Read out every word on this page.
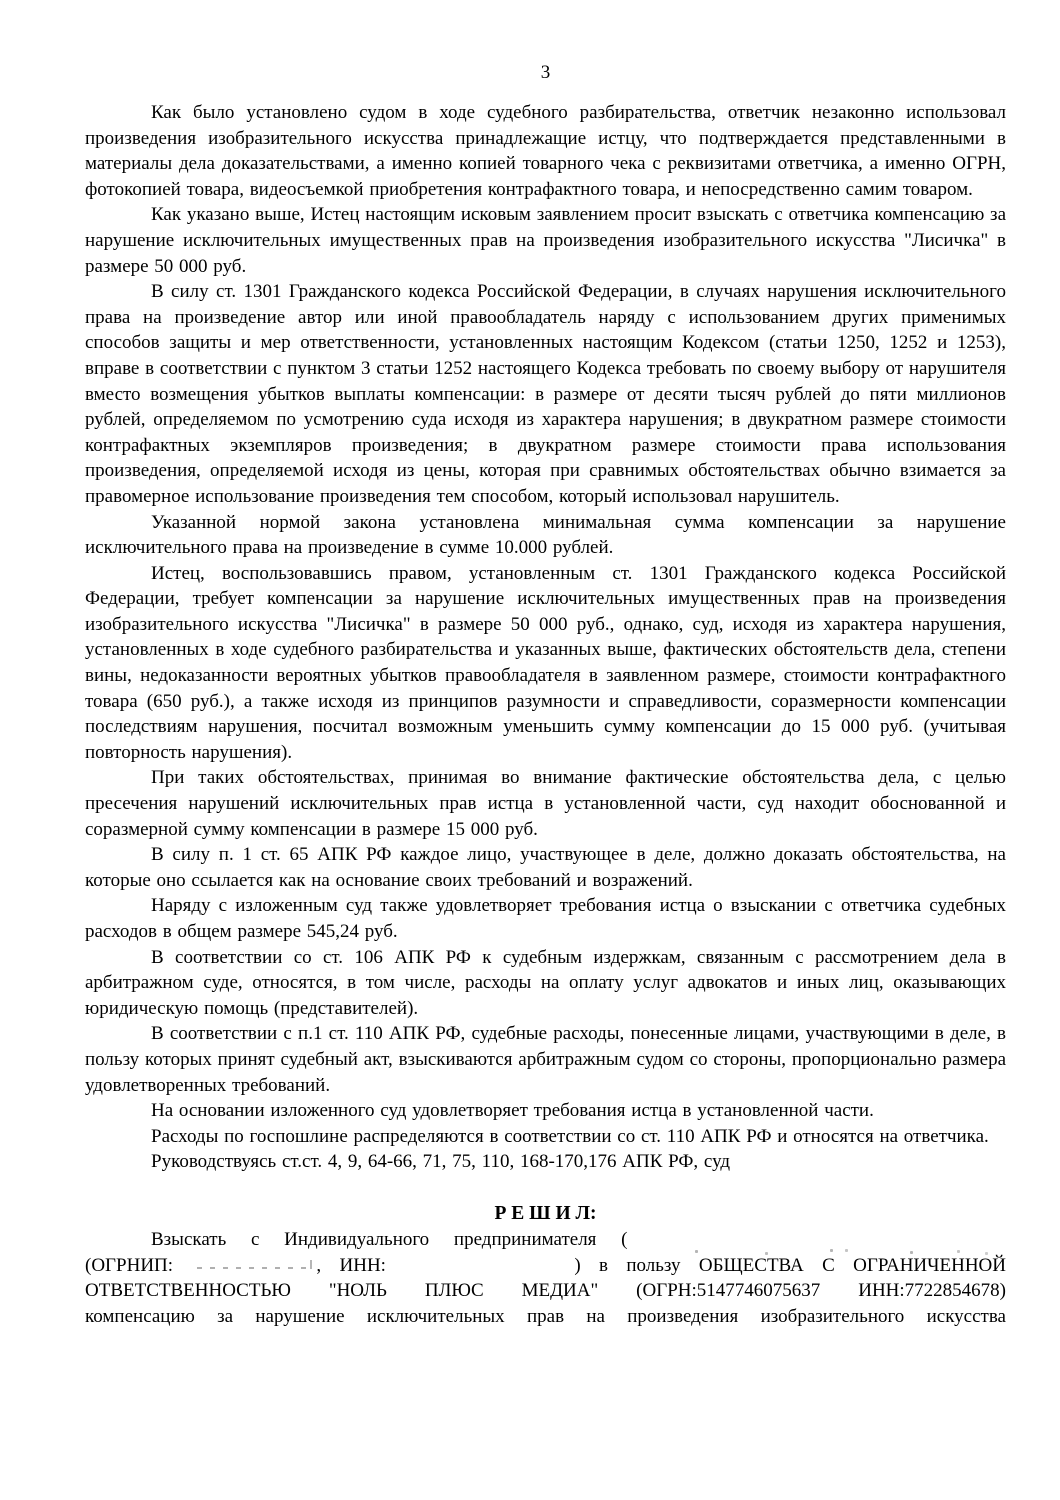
3

Как было установлено судом в ходе судебного разбирательства, ответчик незаконно использовал произведения изобразительного искусства принадлежащие истцу, что подтверждается представленными в материалы дела доказательствами, а именно копией товарного чека с реквизитами ответчика, а именно ОГРН, фотокопией товара, видеосъемкой приобретения контрафактного товара, и непосредственно самим товаром.

Как указано выше, Истец настоящим исковым заявлением просит взыскать с ответчика компенсацию за нарушение исключительных имущественных прав на произведения изобразительного искусства "Лисичка" в размере 50 000 руб.

В силу ст. 1301 Гражданского кодекса Российской Федерации, в случаях нарушения исключительного права на произведение автор или иной правообладатель наряду с использованием других применимых способов защиты и мер ответственности, установленных настоящим Кодексом (статьи 1250, 1252 и 1253), вправе в соответствии с пунктом 3 статьи 1252 настоящего Кодекса требовать по своему выбору от нарушителя вместо возмещения убытков выплаты компенсации: в размере от десяти тысяч рублей до пяти миллионов рублей, определяемом по усмотрению суда исходя из характера нарушения; в двукратном размере стоимости контрафактных экземпляров произведения; в двукратном размере стоимости права использования произведения, определяемой исходя из цены, которая при сравнимых обстоятельствах обычно взимается за правомерное использование произведения тем способом, который использовал нарушитель.

Указанной нормой закона установлена минимальная сумма компенсации за нарушение исключительного права на произведение в сумме 10.000 рублей.

Истец, воспользовавшись правом, установленным ст. 1301 Гражданского кодекса Российской Федерации, требует компенсации за нарушение исключительных имущественных прав на произведения изобразительного искусства "Лисичка" в размере 50 000 руб., однако, суд, исходя из характера нарушения, установленных в ходе судебного разбирательства и указанных выше, фактических обстоятельств дела, степени вины, недоказанности вероятных убытков правообладателя в заявленном размере, стоимости контрафактного товара (650 руб.), а также исходя из принципов разумности и справедливости, соразмерности компенсации последствиям нарушения, посчитал возможным уменьшить сумму компенсации до 15 000 руб. (учитывая повторность нарушения).

При таких обстоятельствах, принимая во внимание фактические обстоятельства дела, с целью пресечения нарушений исключительных прав истца в установленной части, суд находит обоснованной и соразмерной сумму компенсации в размере 15 000 руб.

В силу п. 1 ст. 65 АПК РФ каждое лицо, участвующее в деле, должно доказать обстоятельства, на которые оно ссылается как на основание своих требований и возражений.

Наряду с изложенным суд также удовлетворяет требования истца о взыскании с ответчика судебных расходов в общем размере 545,24 руб.

В соответствии со ст. 106 АПК РФ к судебным издержкам, связанным с рассмотрением дела в арбитражном суде, относятся, в том числе, расходы на оплату услуг адвокатов и иных лиц, оказывающих юридическую помощь (представителей).

В соответствии с п.1 ст. 110 АПК РФ, судебные расходы, понесенные лицами, участвующими в деле, в пользу которых принят судебный акт, взыскиваются арбитражным судом со стороны, пропорционально размера удовлетворенных требований.

На основании изложенного суд удовлетворяет требования истца в установленной части.

Расходы по госпошлине распределяются в соответствии со ст. 110 АПК РФ и относятся на ответчика.

Руководствуясь ст.ст. 4, 9, 64-66, 71, 75, 110, 168-170,176 АПК РФ, суд

Р Е Ш И Л:
Взыскать с Индивидуального предпринимателя (
(ОГРНИП:	, ИНН:	) в пользу ОБЩЕСТВА С ОГРАНИЧЕННОЙ
ОТВЕТСТВЕННОСТЬЮ "НОЛЬ ПЛЮС МЕДИА" (ОГРН:5147746075637 ИНН:7722854678)
компенсацию за нарушение исключительных прав на произведения изобразительного искусства
